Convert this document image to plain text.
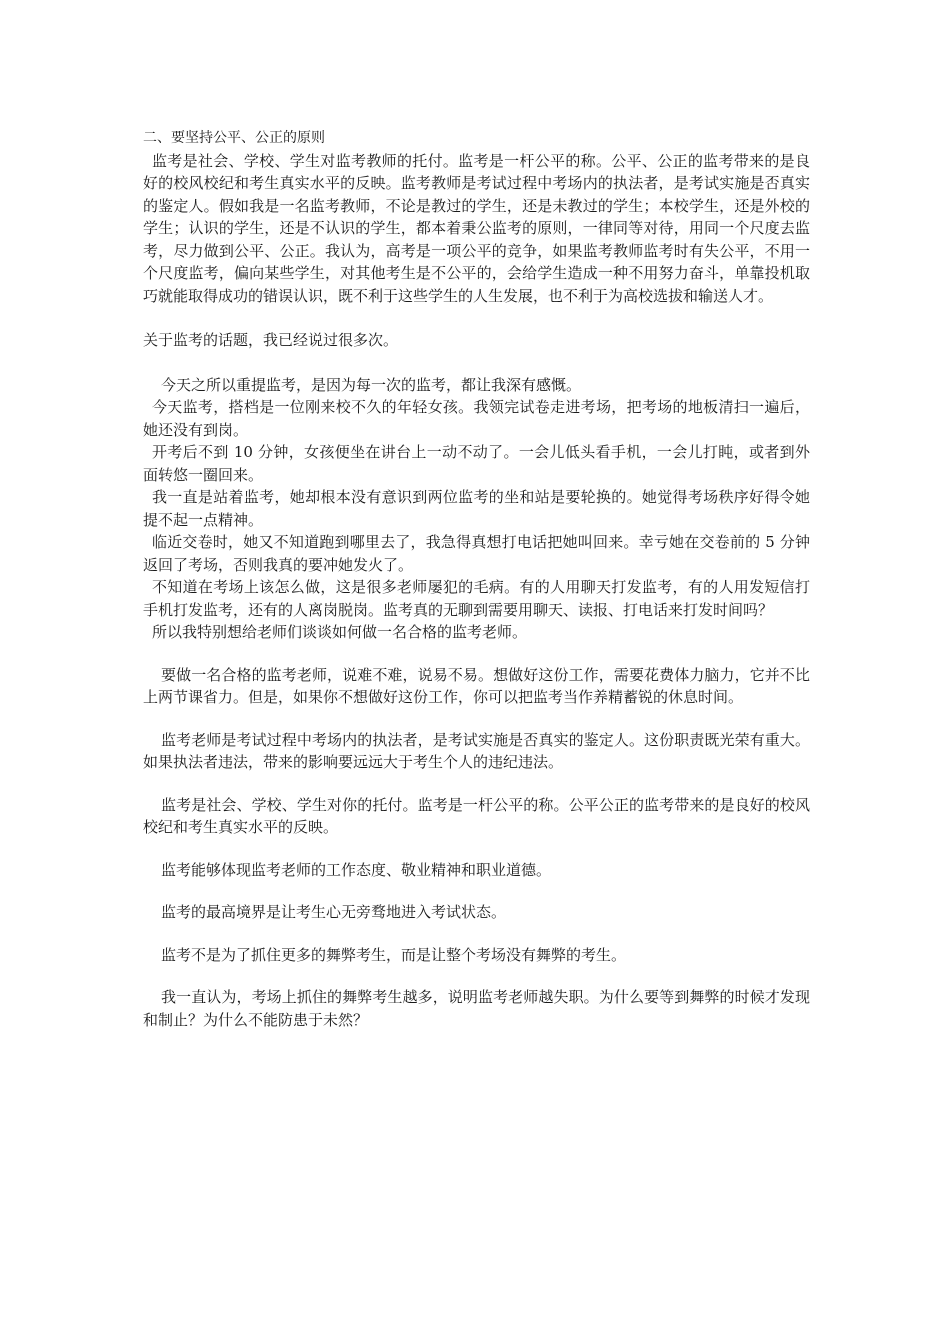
二、要坚持公平、公正的原则

监考是社会、学校、学生对监考教师的托付。监考是一杆公平的称。公平、公正的监考带来的是良好的校风校纪和考生真实水平的反映。监考教师是考试过程中考场内的执法者，是考试实施是否真实的鉴定人。假如我是一名监考教师，不论是教过的学生，还是未教过的学生；本校学生，还是外校的学生；认识的学生，还是不认识的学生，都本着秉公监考的原则，一律同等对待，用同一个尺度去监考，尽力做到公平、公正。我认为，高考是一项公平的竞争，如果监考教师监考时有失公平，不用一个尺度监考，偏向某些学生，对其他考生是不公平的，会给学生造成一种不用努力奋斗，单靠投机取巧就能取得成功的错误认识，既不利于这些学生的人生发展，也不利于为高校选拔和输送人才。

关于监考的话题，我已经说过很多次。

今天之所以重提监考，是因为每一次的监考，都让我深有感慨。

今天监考，搭档是一位刚来校不久的年轻女孩。我领完试卷走进考场，把考场的地板清扫一遍后，她还没有到岗。

开考后不到 10 分钟，女孩便坐在讲台上一动不动了。一会儿低头看手机，一会儿打盹，或者到外面转悠一圈回来。

我一直是站着监考，她却根本没有意识到两位监考的坐和站是要轮换的。她觉得考场秩序好得令她提不起一点精神。

临近交卷时，她又不知道跑到哪里去了，我急得真想打电话把她叫回来。幸亏她在交卷前的 5 分钟返回了考场，否则我真的要冲她发火了。

不知道在考场上该怎么做，这是很多老师屡犯的毛病。有的人用聊天打发监考，有的人用发短信打手机打发监考，还有的人离岗脱岗。监考真的无聊到需要用聊天、读报、打电话来打发时间吗？

所以我特别想给老师们谈谈如何做一名合格的监考老师。

要做一名合格的监考老师，说难不难，说易不易。想做好这份工作，需要花费体力脑力，它并不比上两节课省力。但是，如果你不想做好这份工作，你可以把监考当作养精蓄锐的休息时间。

监考老师是考试过程中考场内的执法者，是考试实施是否真实的鉴定人。这份职责既光荣有重大。如果执法者违法，带来的影响要远远大于考生个人的违纪违法。

监考是社会、学校、学生对你的托付。监考是一杆公平的称。公平公正的监考带来的是良好的校风校纪和考生真实水平的反映。

监考能够体现监考老师的工作态度、敬业精神和职业道德。

监考的最高境界是让考生心无旁骛地进入考试状态。

监考不是为了抓住更多的舞弊考生，而是让整个考场没有舞弊的考生。

我一直认为，考场上抓住的舞弊考生越多，说明监考老师越失职。为什么要等到舞弊的时候才发现和制止？为什么不能防患于未然？
